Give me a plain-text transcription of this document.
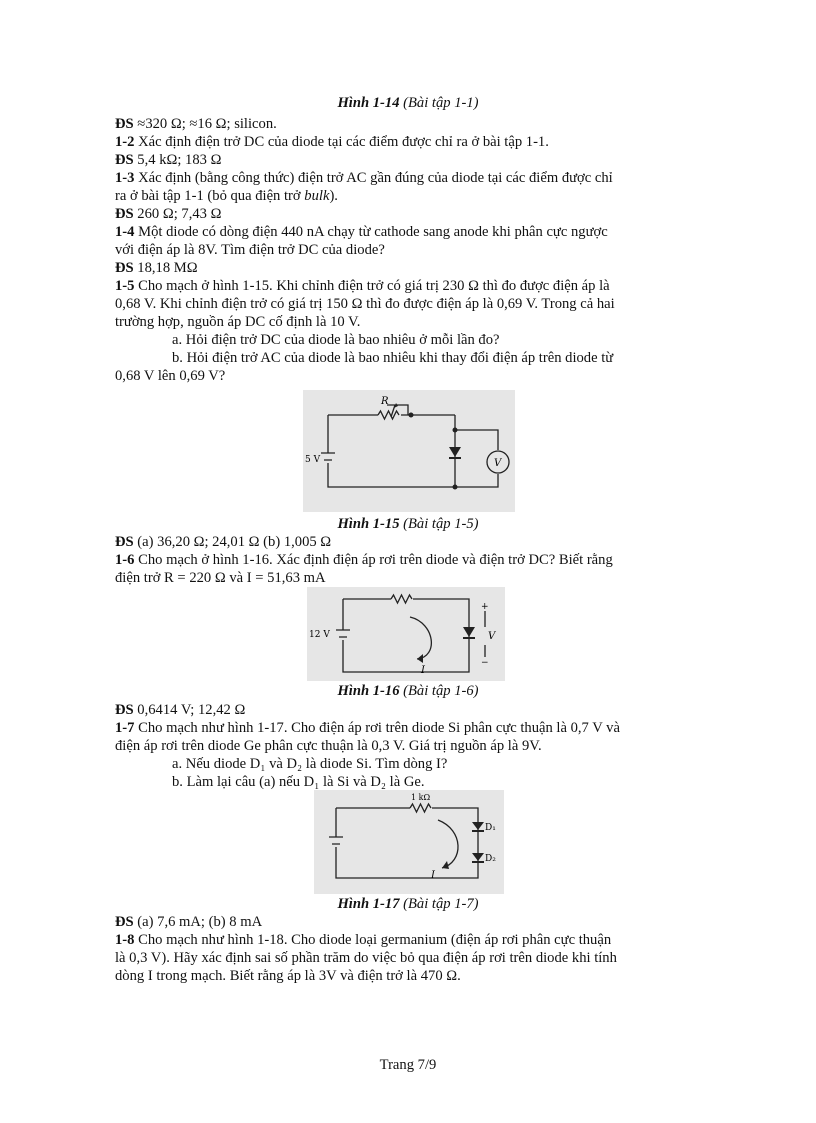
Hình 1-14 (Bài tập 1-1)
ĐS ≈320 Ω; ≈16 Ω; silicon.
1-2 Xác định điện trở DC của diode tại các điểm được chỉ ra ở bài tập 1-1.
ĐS 5,4 kΩ; 183 Ω
1-3 Xác định (bằng công thức) điện trở AC gần đúng của diode tại các điểm được chỉ
ra ở bài tập 1-1 (bỏ qua điện trở bulk).
ĐS 260 Ω; 7,43 Ω
1-4 Một diode có dòng điện 440 nA chạy từ cathode sang anode khi phân cực ngược
với điện áp là 8V. Tìm điện trở DC của diode?
ĐS 18,18 MΩ
1-5 Cho mạch ở hình 1-15. Khi chỉnh điện trở có giá trị 230 Ω thì đo được điện áp là
0,68 V. Khi chỉnh điện trở có giá trị 150 Ω thì đo được điện áp là 0,69 V. Trong cả hai
trường hợp, nguồn áp DC cố định là 10 V.
a. Hỏi điện trở DC của diode là bao nhiêu ở mỗi lần đo?
b. Hỏi điện trở AC của diode là bao nhiêu khi thay đổi điện áp trên diode từ
0,68 V lên 0,69 V?
R
5 V	V
Hình 1-15 (Bài tập 1-5)
ĐS (a) 36,20 Ω; 24,01 Ω (b) 1,005 Ω
1-6 Cho mạch ở hình 1-16. Xác định điện áp rơi trên diode và điện trở DC? Biết rằng
điện trở R = 220 Ω và I = 51,63 mA
12 V
+
−
V
I
Hình 1-16 (Bài tập 1-6)
ĐS 0,6414 V; 12,42 Ω
1-7 Cho mạch như hình 1-17. Cho điện áp rơi trên diode Si phân cực thuận là 0,7 V và
điện áp rơi trên diode Ge phân cực thuận là 0,3 V. Giá trị nguồn áp là 9V.
a. Nếu diode D₁ và D₂ là diode Si. Tìm dòng I?
b. Làm lại câu (a) nếu D₁ là Si và D₂ là Ge.
1 kΩ
D₁
D₂
I
Hình 1-17 (Bài tập 1-7)
ĐS (a) 7,6 mA; (b) 8 mA
1-8 Cho mạch như hình 1-18. Cho diode loại germanium (điện áp rơi phân cực thuận
là 0,3 V). Hãy xác định sai số phần trăm do việc bỏ qua điện áp rơi trên diode khi tính
dòng I trong mạch. Biết rằng áp là 3V và điện trở là 470 Ω.
Trang 7/9
